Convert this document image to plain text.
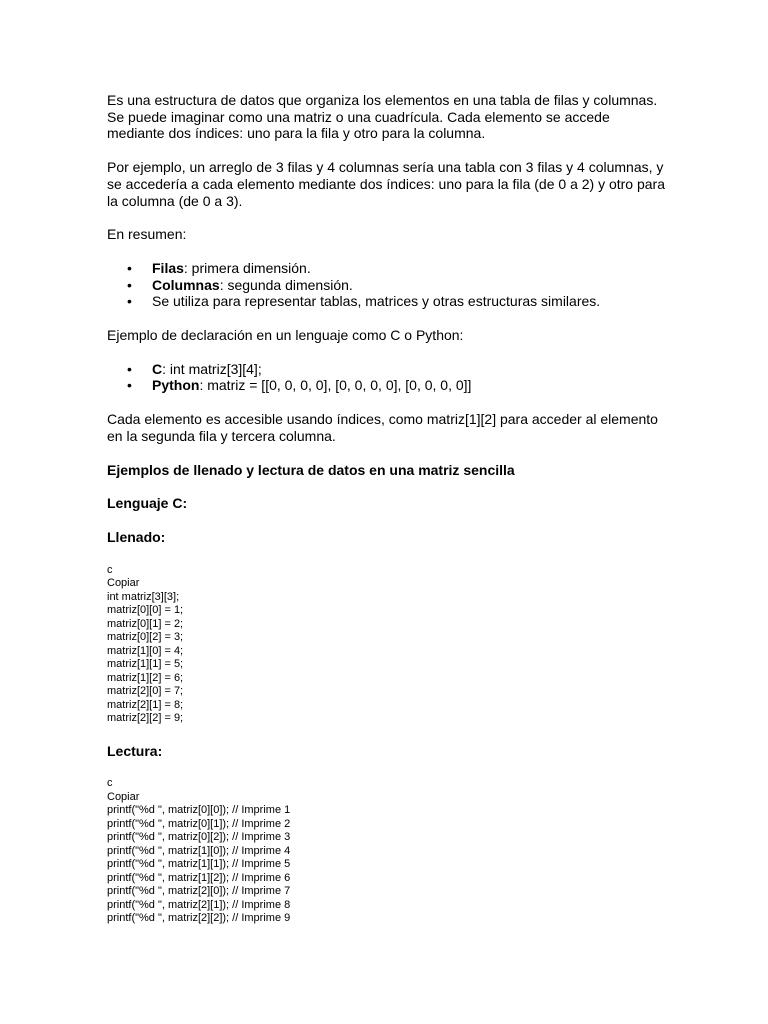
Es una estructura de datos que organiza los elementos en una tabla de filas y columnas.
Se puede imaginar como una matriz o una cuadrícula. Cada elemento se accede
mediante dos índices: uno para la fila y otro para la columna.

Por ejemplo, un arreglo de 3 filas y 4 columnas sería una tabla con 3 filas y 4 columnas, y
se accedería a cada elemento mediante dos índices: uno para la fila (de 0 a 2) y otro para
la columna (de 0 a 3).

En resumen:

• Filas: primera dimensión.
• Columnas: segunda dimensión.
• Se utiliza para representar tablas, matrices y otras estructuras similares.

Ejemplo de declaración en un lenguaje como C o Python:

• C: int matriz[3][4];
• Python: matriz = [[0, 0, 0, 0], [0, 0, 0, 0], [0, 0, 0, 0]]

Cada elemento es accesible usando índices, como matriz[1][2] para acceder al elemento
en la segunda fila y tercera columna.

Ejemplos de llenado y lectura de datos en una matriz sencilla

Lenguaje C:

Llenado:

c
Copiar
int matriz[3][3];
matriz[0][0] = 1;
matriz[0][1] = 2;
matriz[0][2] = 3;
matriz[1][0] = 4;
matriz[1][1] = 5;
matriz[1][2] = 6;
matriz[2][0] = 7;
matriz[2][1] = 8;
matriz[2][2] = 9;

Lectura:

c
Copiar
printf("%d ", matriz[0][0]); // Imprime 1
printf("%d ", matriz[0][1]); // Imprime 2
printf("%d ", matriz[0][2]); // Imprime 3
printf("%d ", matriz[1][0]); // Imprime 4
printf("%d ", matriz[1][1]); // Imprime 5
printf("%d ", matriz[1][2]); // Imprime 6
printf("%d ", matriz[2][0]); // Imprime 7
printf("%d ", matriz[2][1]); // Imprime 8
printf("%d ", matriz[2][2]); // Imprime 9
